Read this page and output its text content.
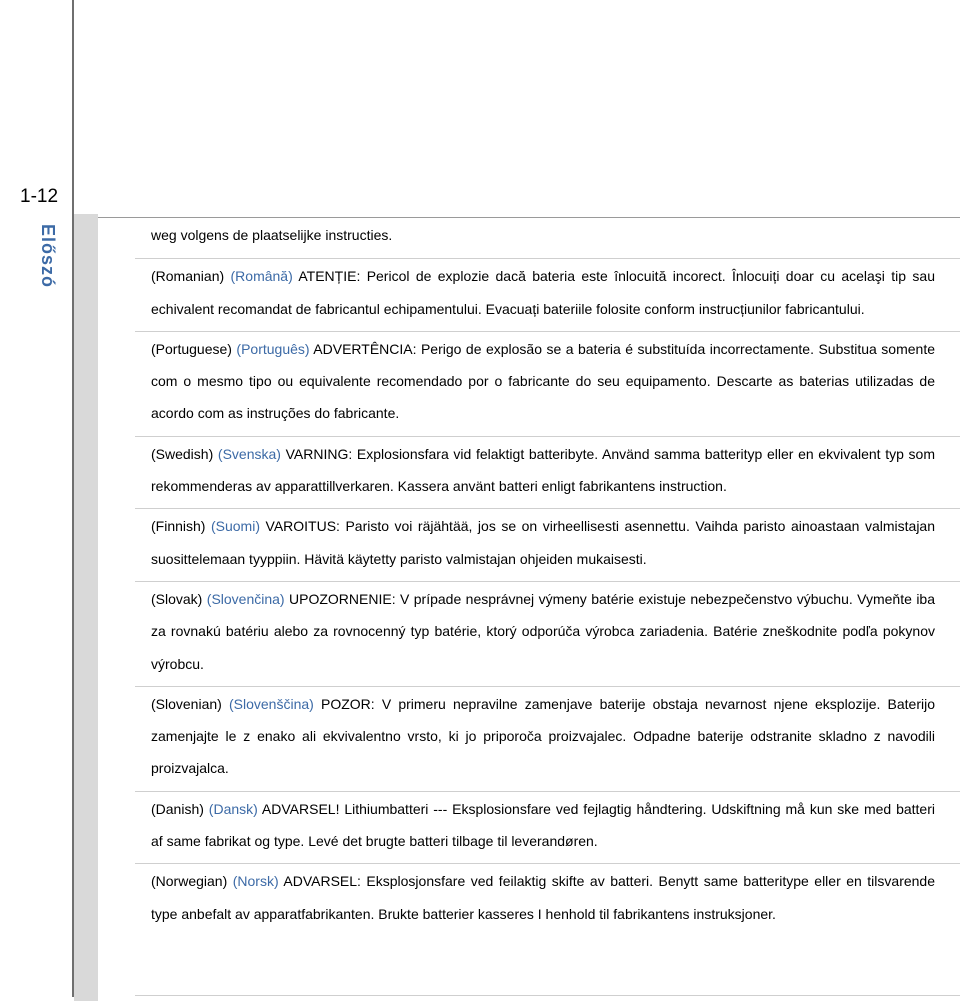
1-12
Előszó	weg volgens de plaatselijke instructies.
(Romanian) (Română) ATENȚIE: Pericol de explozie dacă bateria este înlocuită incorect. Înlocuiți doar cu acelaşi tip sau echivalent recomandat de fabricantul echipamentului. Evacuați bateriile folosite conform instrucțiunilor fabricantului.
(Portuguese) (Português) ADVERTÊNCIA: Perigo de explosão se a bateria é substituída incorrectamente. Substitua somente com o mesmo tipo ou equivalente recomendado por o fabricante do seu equipamento. Descarte as baterias utilizadas de acordo com as instruções do fabricante.
(Swedish) (Svenska) VARNING: Explosionsfara vid felaktigt batteribyte. Använd samma batterityp eller en ekvivalent typ som rekommenderas av apparattillverkaren. Kassera använt batteri enligt fabrikantens instruction.
(Finnish) (Suomi) VAROITUS: Paristo voi räjähtää, jos se on virheellisesti asennettu. Vaihda paristo ainoastaan valmistajan suosittelemaan tyyppiin. Hävitä käytetty paristo valmistajan ohjeiden mukaisesti.
(Slovak) (Slovenčina) UPOZORNENIE: V prípade nesprávnej výmeny batérie existuje nebezpečenstvo výbuchu. Vymeňte iba za rovnakú batériu alebo za rovnocenný typ batérie, ktorý odporúča výrobca zariadenia. Batérie zneškodnite podľa pokynov výrobcu.
(Slovenian) (Slovenščina) POZOR: V primeru nepravilne zamenjave baterije obstaja nevarnost njene eksplozije. Baterijo zamenjajte le z enako ali ekvivalentno vrsto, ki jo priporoča proizvajalec. Odpadne baterije odstranite skladno z navodili proizvajalca.
(Danish) (Dansk) ADVARSEL! Lithiumbatteri --- Eksplosionsfare ved fejlagtig håndtering. Udskiftning må kun ske med batteri af same fabrikat og type. Levé det brugte batteri tilbage til leverandøren.
(Norwegian) (Norsk) ADVARSEL: Eksplosjonsfare ved feilaktig skifte av batteri. Benytt same batteritype eller en tilsvarende type anbefalt av apparatfabrikanten. Brukte batterier kasseres I henhold til fabrikantens instruksjoner.
